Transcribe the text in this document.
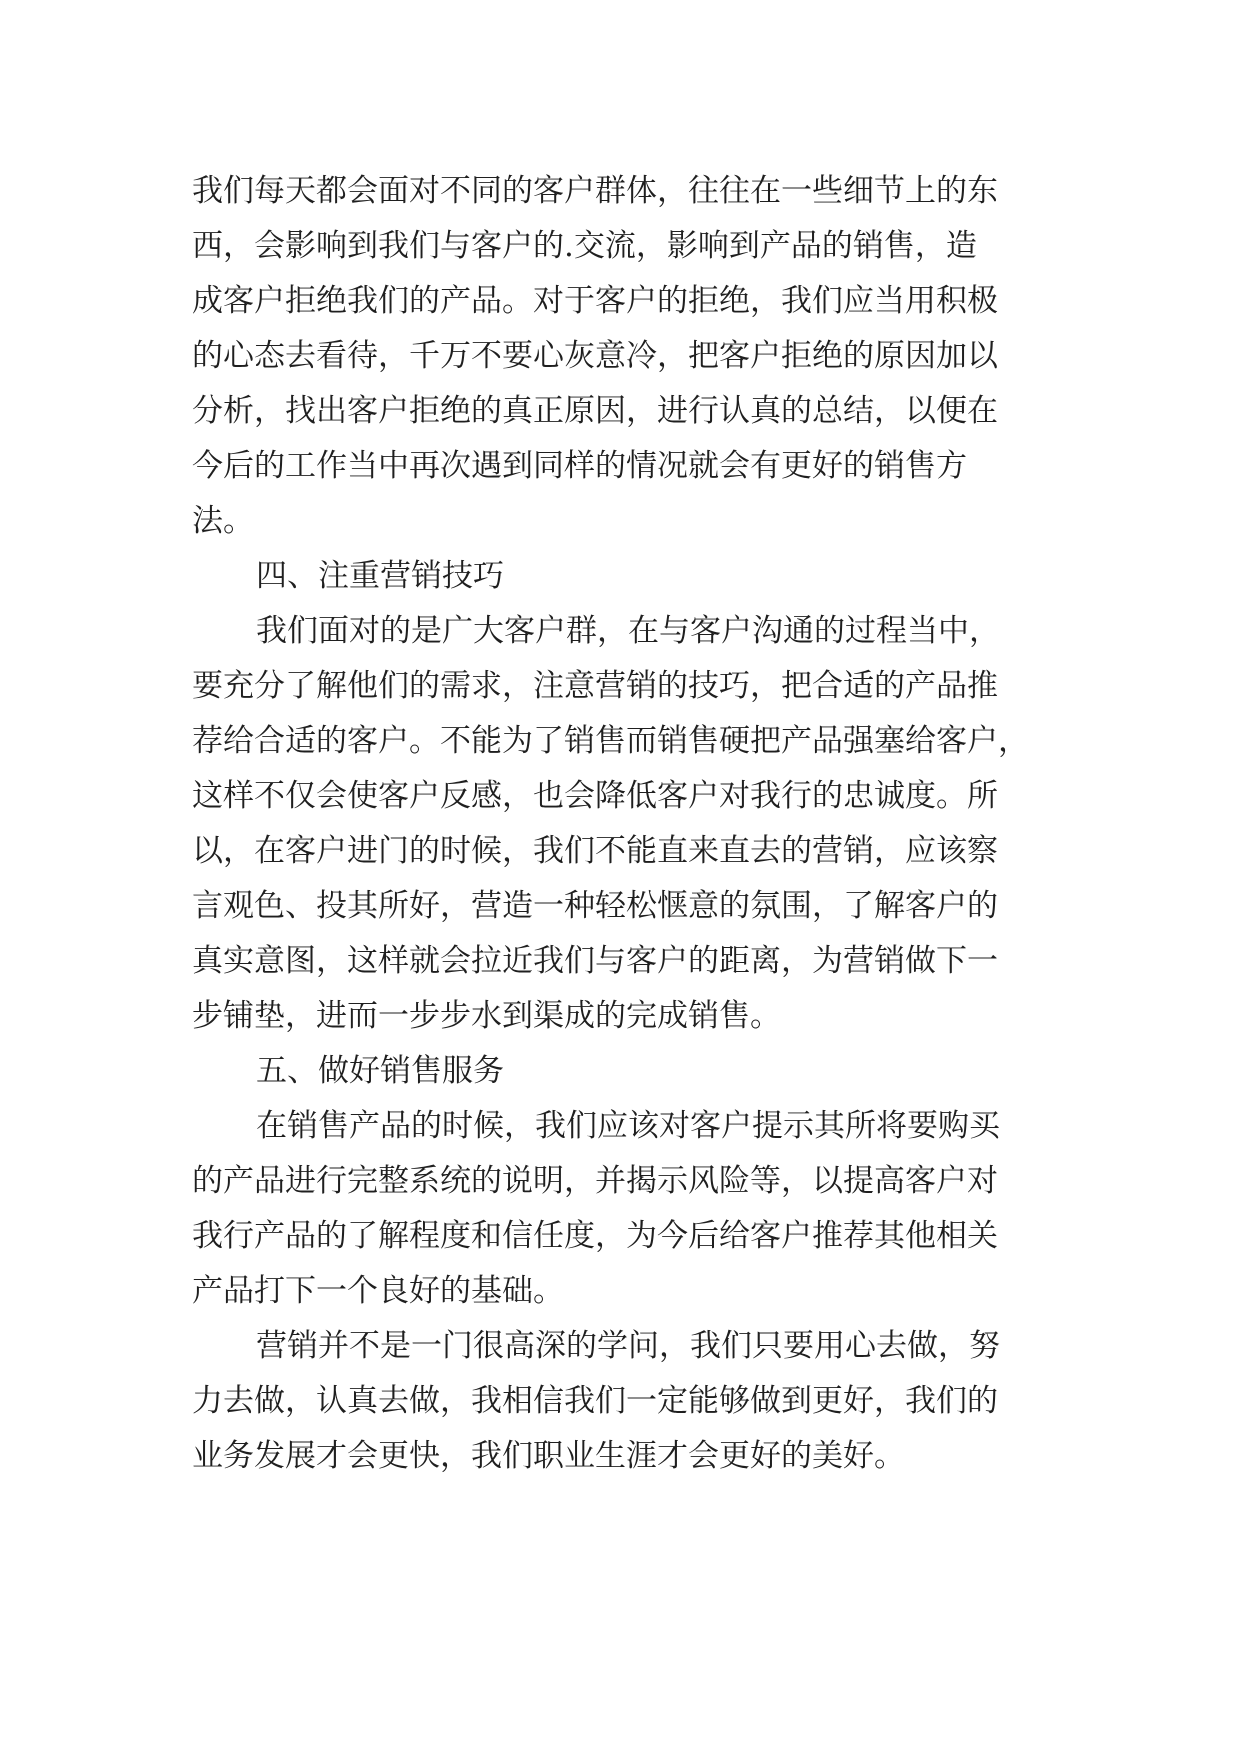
我们每天都会面对不同的客户群体，往往在一些细节上的东
西，会影响到我们与客户的.交流，影响到产品的销售，造
成客户拒绝我们的产品。对于客户的拒绝，我们应当用积极
的心态去看待，千万不要心灰意冷，把客户拒绝的原因加以
分析，找出客户拒绝的真正原因，进行认真的总结，以便在
今后的工作当中再次遇到同样的情况就会有更好的销售方
法。
四、注重营销技巧
我们面对的是广大客户群，在与客户沟通的过程当中，
要充分了解他们的需求，注意营销的技巧，把合适的产品推
荐给合适的客户。不能为了销售而销售硬把产品强塞给客户，
这样不仅会使客户反感，也会降低客户对我行的忠诚度。所
以，在客户进门的时候，我们不能直来直去的营销，应该察
言观色、投其所好，营造一种轻松惬意的氛围，了解客户的
真实意图，这样就会拉近我们与客户的距离，为营销做下一
步铺垫，进而一步步水到渠成的完成销售。
五、做好销售服务
在销售产品的时候，我们应该对客户提示其所将要购买
的产品进行完整系统的说明，并揭示风险等，以提高客户对
我行产品的了解程度和信任度，为今后给客户推荐其他相关
产品打下一个良好的基础。
营销并不是一门很高深的学问，我们只要用心去做，努
力去做，认真去做，我相信我们一定能够做到更好，我们的
业务发展才会更快，我们职业生涯才会更好的美好。
